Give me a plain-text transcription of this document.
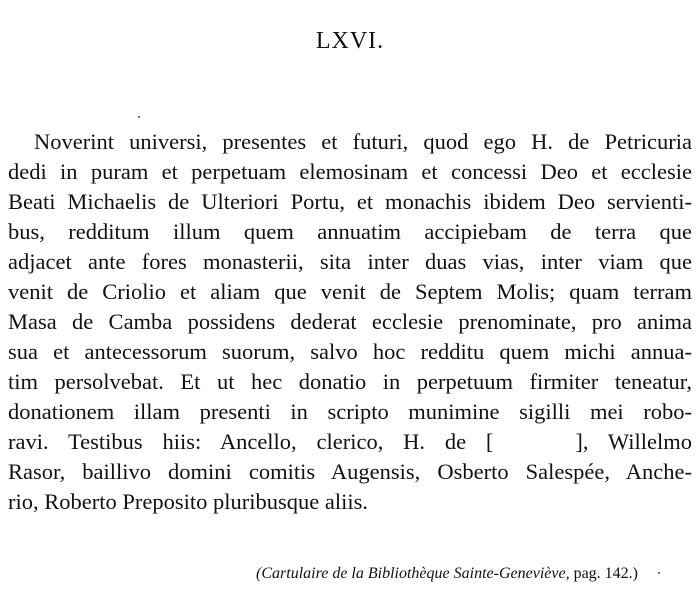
LXVI.
Noverint universi, presentes et futuri, quod ego H. de Petricuria
dedi in puram et perpetuam elemosinam et concessi Deo et ecclesie
Beati Michaelis de Ulteriori Portu, et monachis ibidem Deo servienti-
bus, redditum illum quem annuatim accipiebam de terra que
adjacet ante fores monasterii, sita inter duas vias, inter viam que
venit de Criolio et aliam que venit de Septem Molis; quam terram
Masa de Camba possidens dederat ecclesie prenominate, pro anima
sua et antecessorum suorum, salvo hoc redditu quem michi annua-
tim persolvebat. Et ut hec donatio in perpetuum firmiter teneatur,
donationem illam presenti in scripto munimine sigilli mei robo-
ravi. Testibus hiis: Ancello, clerico, H. de [	], Willelmo
Rasor, baillivo domini comitis Augensis, Osberto Salespée, Anche-
rio, Roberto Preposito pluribusque aliis.
(Cartulaire de la Bibliothèque Sainte-Geneviève, pag. 142.)
